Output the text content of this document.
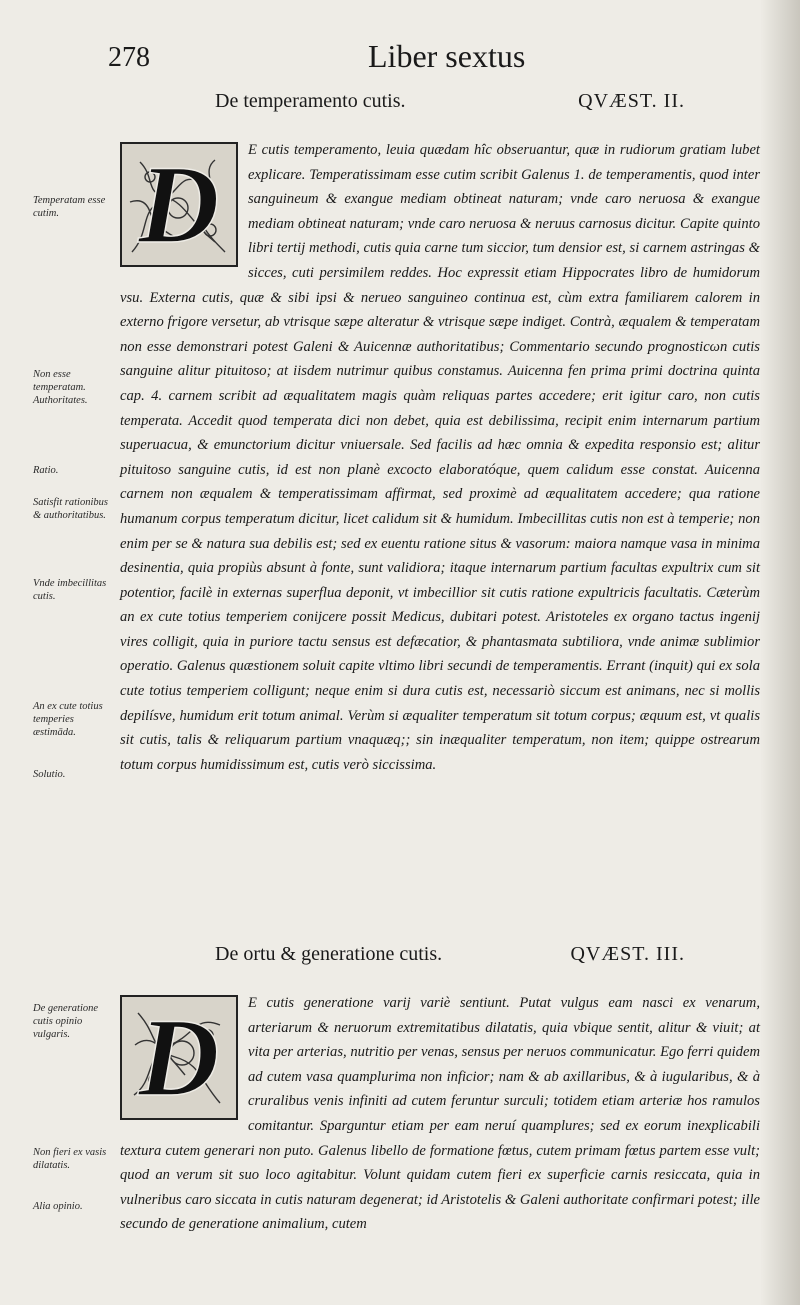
278	Liber sextus
De temperamento cutis.	QVÆST. II.

D E cutis temperamento, leuia quædam hîc obseruantur, quæ in rudiorum gratiam lubet explicare. Temperatissimam esse cutim scribit Galenus 1. de temperamentis, quod inter sanguineum & exangue mediam obtineat naturam; vnde caro neruosa & exangue mediam obtineat naturam; vnde caro neruosa & neruus carnosus dicitur. Capite quinto libri tertij methodi, cutis quia carne tum siccior, tum densior est, si carnem astringas & sicces, cuti persimilem reddes. Hoc expressit etiam Hippocrates libro de humidorum vsu. Externa cutis, quæ & sibi ipsi & nerueo sanguineo continua est, cùm extra familiarem calorem in externo frigore versetur, ab vtrisque sæpe alteratur & vtrisque sæpe indiget. Contrà, æqualem & temperatam non esse demonstrari potest Galeni & Auicennæ authoritatibus; Commentario secundo prognosticωn cutis sanguine alitur pituitoso; at iisdem nutrimur quibus constamus. Auicenna fen prima primi doctrina quinta cap. 4. carnem scribit ad æqualitatem magis quàm reliquas partes accedere; erit igitur caro, non cutis temperata. Accedit quod temperata dici non debet, quia est debilissima, recipit enim internarum partium superuacua, & emunctorium dicitur vniuersale. Sed facilis ad hæc omnia & expedita responsio est; alitur pituitoso sanguine cutis, id est non planè excocto elaboratóque, quem calidum esse constat. Auicenna carnem non æqualem & temperatissimam affirmat, sed proximè ad æqualitatem accedere; qua ratione humanum corpus temperatum dicitur, licet calidum sit & humidum. Imbecillitas cutis non est à temperie; non enim per se & natura sua debilis est; sed ex euentu ratione situs & vasorum: maiora namque vasa in minima desinentia, quia propiùs absunt à fonte, sunt validiora; itaque internarum partium facultas expultrix cum sit potentior, facilè in externas superflua deponit, vt imbecillior sit cutis ratione expultricis facultatis. Cæterùm an ex cute totius temperiem conijcere possit Medicus, dubitari potest. Aristoteles ex organo tactus ingenij vires colligit, quia in puriore tactu sensus est defæcatior, & phantasmata subtiliora, vnde animæ sublimior operatio. Galenus quæstionem soluit capite vltimo libri secundi de temperamentis. Errant (inquit) qui ex sola cute totius temperiem colligunt; neque enim si dura cutis est, necessariò siccum est animans, nec si mollis depilísve, humidum erit totum animal. Verùm si æqualiter temperatum sit totum corpus; æquum est, vt qualis sit cutis, talis & reliquarum partium vnaquæq;; sin inæqualiter temperatum, non item; quippe ostrearum totum corpus humidissimum est, cutis verò siccissima.

De ortu & generatione cutis.	QVÆST. III.

D E cutis generatione varij variè sentiunt. Putat vulgus eam nasci ex venarum, arteriarum & neruorum extremitatibus dilatatis, quia vbique sentit, alitur & viuit; at vita per arterias, nutritio per venas, sensus per neruos communicatur. Ego ferri quidem ad cutem vasa quamplurima non inficior; nam & ab axillaribus, & à iugularibus, & à cruralibus venis infiniti ad cutem feruntur surculi; totidem etiam arteriæ hos ramulos comitantur. Sparguntur etiam per eam neruí quamplures; sed ex eorum inexplicabili textura cutem generari non puto. Galenus libello de formatione fœtus, cutem primam fœtus partem esse vult; quod an verum sit suo loco agitabitur. Volunt quidam cutem fieri ex superficie carnis resiccata, quia in vulneribus caro siccata in cutis naturam degenerat; id Aristotelis & Galeni authoritate confirmari potest; ille secundo de generatione animalium, cutem

Temperatam esse cutim.
Non esse temperatam. Authoritates.
Ratio.
Satisfit rationibus & authoritatibus.
Vnde imbecillitas cutis.
An ex cute totius temperies æstimāda.
Solutio.
De generatione cutis opinio vulgaris.
Non fieri ex vasis dilatatis.
Alia opinio.
